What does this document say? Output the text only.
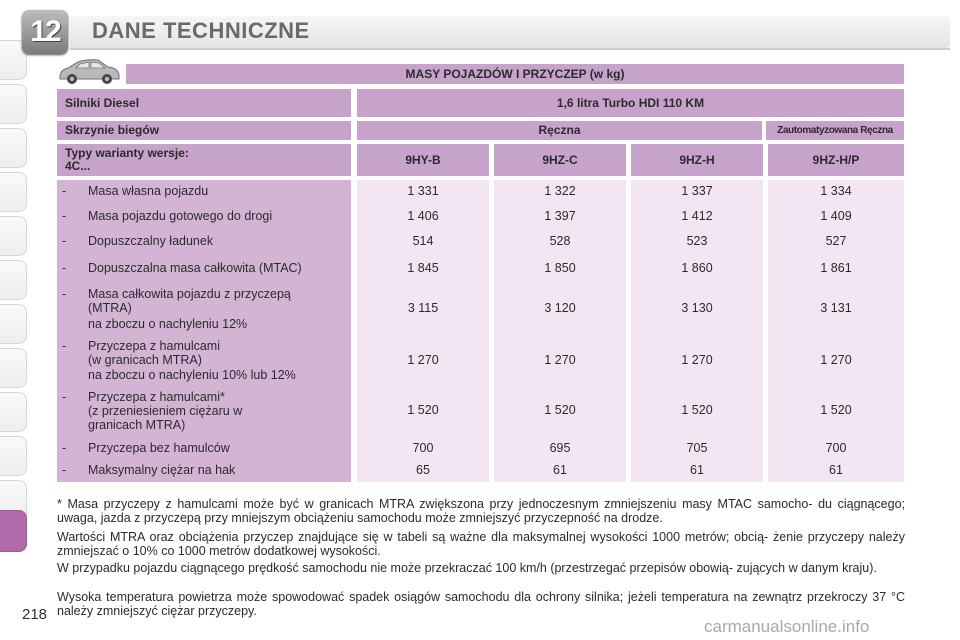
12	DANE TECHNICZNE
MASY POJAZDÓW I PRZYCZEP (w kg)
Silniki Diesel	1,6 litra Turbo HDI 110 KM
Skrzynie biegów	Ręczna	Zautomatyzowana Ręczna
Typy warianty wersje:
4C...	9HY-B	9HZ-C	9HZ-H	9HZ-H/P
- Masa własna pojazdu	1 331	1 322	1 337	1 334
- Masa pojazdu gotowego do drogi	1 406	1 397	1 412	1 409
- Dopuszczalny ładunek	514	528	523	527
- Dopuszczalna masa całkowita (MTAC)	1 845	1 850	1 860	1 861
- Masa całkowita pojazdu z przyczepą
(MTRA)
na zboczu o nachyleniu 12%
3 115	3 120	3 130	3 131
- Przyczepa z hamulcami
(w granicach MTRA)
na zboczu o nachyleniu 10% lub 12%
1 270	1 270	1 270	1 270
- Przyczepa z hamulcami*
(z przeniesieniem ciężaru w
granicach MTRA)
1 520	1 520	1 520	1 520
- Przyczepa bez hamulców	700	695	705	700
- Maksymalny ciężar na hak	65	61	61	61
* Masa przyczepy z hamulcami może być w granicach MTRA zwiększona przy jednoczesnym zmniejszeniu masy MTAC samocho- du ciągnącego; uwaga, jazda z przyczepą przy mniejszym obciążeniu samochodu może zmniejszyć przyczepność na drodze.
Wartości MTRA oraz obciążenia przyczep znajdujące się w tabeli są ważne dla maksymalnej wysokości 1000 metrów; obcią- żenie przyczepy należy zmniejszać o 10% co 1000 metrów dodatkowej wysokości.
W przypadku pojazdu ciągnącego prędkość samochodu nie może przekraczać 100 km/h (przestrzegać przepisów obowią- zujących w danym kraju).
Wysoka temperatura powietrza może spowodować spadek osiągów samochodu dla ochrony silnika; jeżeli temperatura na zewnątrz przekroczy 37 °C należy zmniejszyć ciężar przyczepy.
218
carmanualsonline.info
